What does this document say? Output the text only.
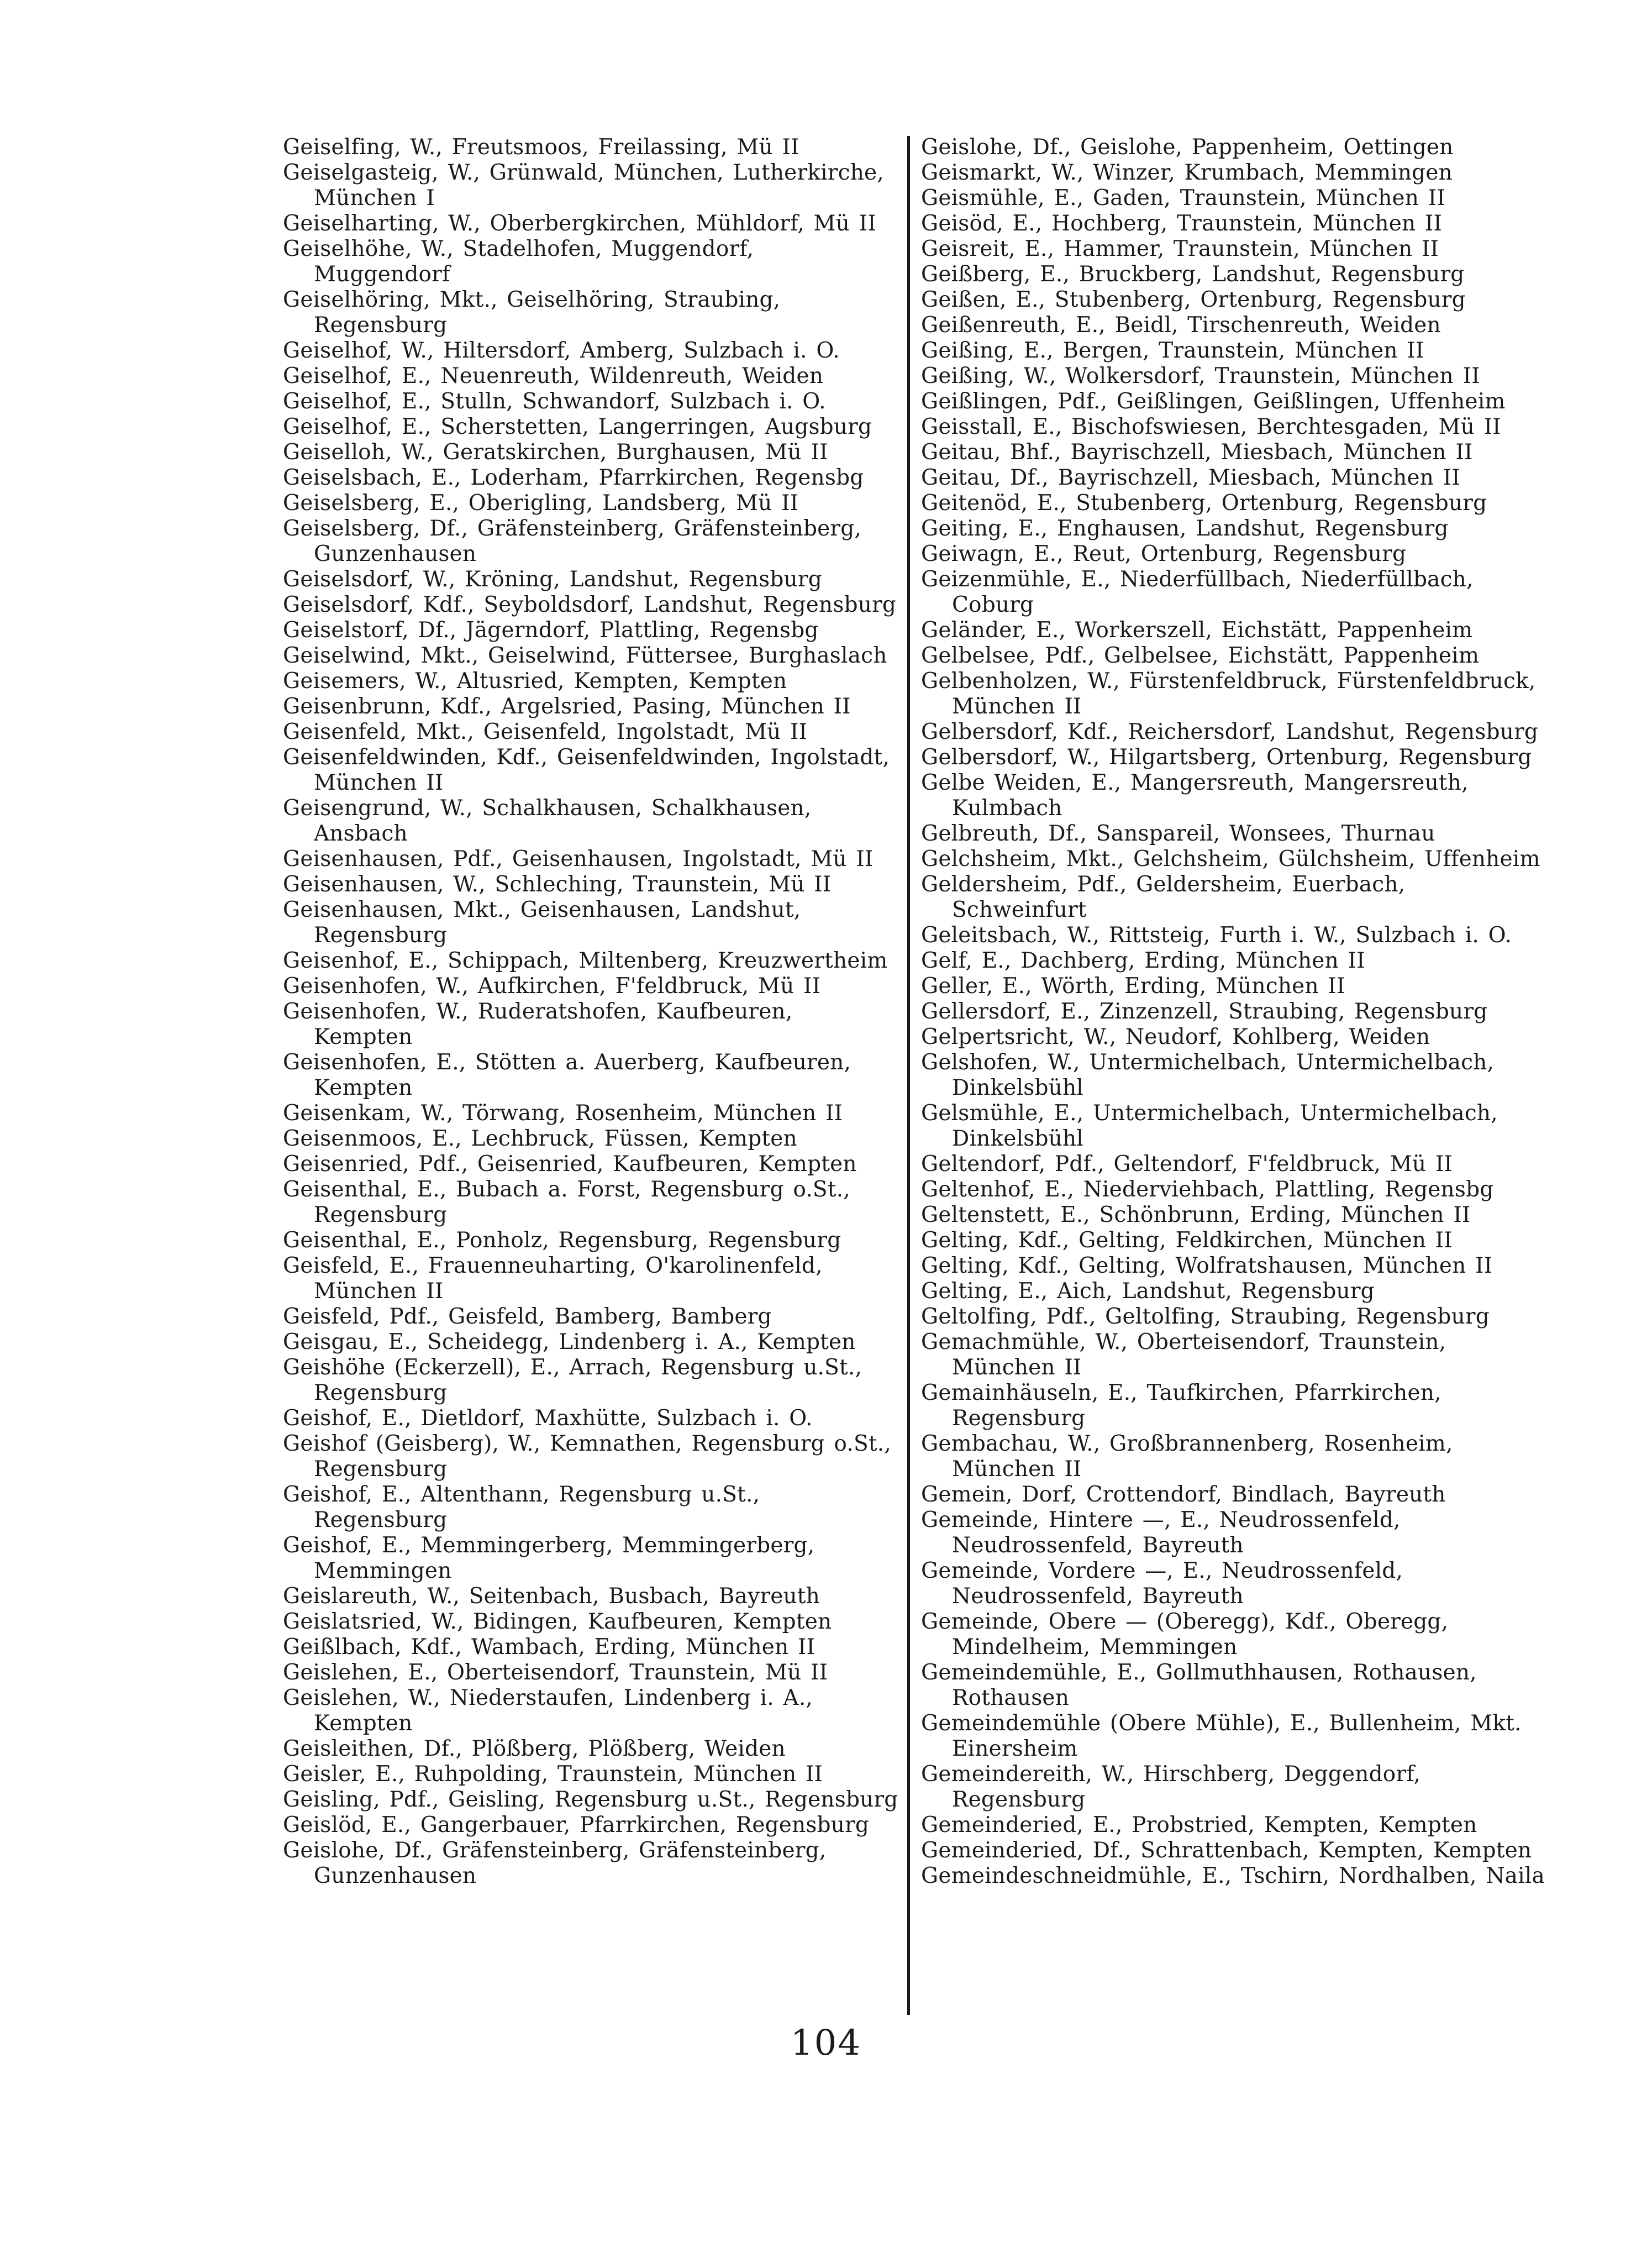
Geiselfing, W., Freutsmoos, Freilassing, Mü II
Geiselgasteig, W., Grünwald, München, Lutherkirche, München I
Geiselharting, W., Oberbergkirchen, Mühldorf, Mü II
Geiselhöhe, W., Stadelhofen, Muggendorf, Muggendorf
Geiselhöring, Mkt., Geiselhöring, Straubing, Regensburg
Geiselhof, W., Hiltersdorf, Amberg, Sulzbach i. O.
Geiselhof, E., Neuenreuth, Wildenreuth, Weiden
Geiselhof, E., Stulln, Schwandorf, Sulzbach i. O.
Geiselhof, E., Scherstetten, Langerringen, Augsburg
Geiselloh, W., Geratskirchen, Burghausen, Mü II
Geiselsbach, E., Loderham, Pfarrkirchen, Regensbg
Geiselsberg, E., Oberigling, Landsberg, Mü II
Geiselsberg, Df., Gräfensteinberg, Gräfensteinberg, Gunzenhausen
Geiselsdorf, W., Kröning, Landshut, Regensburg
Geiselsdorf, Kdf., Seyboldsdorf, Landshut, Regensburg
Geiselstorf, Df., Jägerndorf, Plattling, Regensbg
Geiselwind, Mkt., Geiselwind, Füttersee, Burghaslach
Geisemers, W., Altusried, Kempten, Kempten
Geisenbrunn, Kdf., Argelsried, Pasing, München II
Geisenfeld, Mkt., Geisenfeld, Ingolstadt, Mü II
Geisenfeldwinden, Kdf., Geisenfeldwinden, Ingolstadt, München II
Geisengrund, W., Schalkhausen, Schalkhausen, Ansbach
Geisenhausen, Pdf., Geisenhausen, Ingolstadt, Mü II
Geisenhausen, W., Schleching, Traunstein, Mü II
Geisenhausen, Mkt., Geisenhausen, Landshut, Regensburg
Geisenhof, E., Schippach, Miltenberg, Kreuzwertheim
Geisenhofen, W., Aufkirchen, F'feldbruck, Mü II
Geisenhofen, W., Ruderatshofen, Kaufbeuren, Kempten
Geisenhofen, E., Stötten a. Auerberg, Kaufbeuren, Kempten
Geisenkam, W., Törwang, Rosenheim, München II
Geisenmoos, E., Lechbruck, Füssen, Kempten
Geisenried, Pdf., Geisenried, Kaufbeuren, Kempten
Geisenthal, E., Bubach a. Forst, Regensburg o.St., Regensburg
Geisenthal, E., Ponholz, Regensburg, Regensburg
Geisfeld, E., Frauenneuharting, O'karolinenfeld, München II
Geisfeld, Pdf., Geisfeld, Bamberg, Bamberg
Geisgau, E., Scheidegg, Lindenberg i. A., Kempten
Geishöhe (Eckerzell), E., Arrach, Regensburg u.St., Regensburg
Geishof, E., Dietldorf, Maxhütte, Sulzbach i. O.
Geishof (Geisberg), W., Kemnathen, Regensburg o.St., Regensburg
Geishof, E., Altenthann, Regensburg u.St., Regensburg
Geishof, E., Memmingerberg, Memmingerberg, Memmingen
Geislareuth, W., Seitenbach, Busbach, Bayreuth
Geislatsried, W., Bidingen, Kaufbeuren, Kempten
Geißlbach, Kdf., Wambach, Erding, München II
Geislehen, E., Oberteisendorf, Traunstein, Mü II
Geislehen, W., Niederstaufen, Lindenberg i. A., Kempten
Geisleithen, Df., Plößberg, Plößberg, Weiden
Geisler, E., Ruhpolding, Traunstein, München II
Geisling, Pdf., Geisling, Regensburg u.St., Regensburg
Geislöd, E., Gangerbauer, Pfarrkirchen, Regensburg
Geislohe, Df., Gräfensteinberg, Gräfensteinberg, Gunzenhausen
Geislohe, Df., Geislohe, Pappenheim, Oettingen
Geismarkt, W., Winzer, Krumbach, Memmingen
Geismühle, E., Gaden, Traunstein, München II
Geisöd, E., Hochberg, Traunstein, München II
Geisreit, E., Hammer, Traunstein, München II
Geißberg, E., Bruckberg, Landshut, Regensburg
Geißen, E., Stubenberg, Ortenburg, Regensburg
Geißenreuth, E., Beidl, Tirschenreuth, Weiden
Geißing, E., Bergen, Traunstein, München II
Geißing, W., Wolkersdorf, Traunstein, München II
Geißlingen, Pdf., Geißlingen, Geißlingen, Uffenheim
Geisstall, E., Bischofswiesen, Berchtesgaden, Mü II
Geitau, Bhf., Bayrischzell, Miesbach, München II
Geitau, Df., Bayrischzell, Miesbach, München II
Geitenöd, E., Stubenberg, Ortenburg, Regensburg
Geiting, E., Enghausen, Landshut, Regensburg
Geiwagn, E., Reut, Ortenburg, Regensburg
Geizenmühle, E., Niederfüllbach, Niederfüllbach, Coburg
Geländer, E., Workerszell, Eichstätt, Pappenheim
Gelbelsee, Pdf., Gelbelsee, Eichstätt, Pappenheim
Gelbenholzen, W., Fürstenfeldbruck, Fürstenfeldbruck, München II
Gelbersdorf, Kdf., Reichersdorf, Landshut, Regensburg
Gelbersdorf, W., Hilgartsberg, Ortenburg, Regensburg
Gelbe Weiden, E., Mangersreuth, Mangersreuth, Kulmbach
Gelbreuth, Df., Sanspareil, Wonsees, Thurnau
Gelchsheim, Mkt., Gelchsheim, Gülchsheim, Uffenheim
Geldersheim, Pdf., Geldersheim, Euerbach, Schweinfurt
Geleitsbach, W., Rittsteig, Furth i. W., Sulzbach i. O.
Gelf, E., Dachberg, Erding, München II
Geller, E., Wörth, Erding, München II
Gellersdorf, E., Zinzenzell, Straubing, Regensburg
Gelpertsricht, W., Neudorf, Kohlberg, Weiden
Gelshofen, W., Untermichelbach, Untermichelbach, Dinkelsbühl
Gelsmühle, E., Untermichelbach, Untermichelbach, Dinkelsbühl
Geltendorf, Pdf., Geltendorf, F'feldbruck, Mü II
Geltenhof, E., Niederviehbach, Plattling, Regensbg
Geltenstett, E., Schönbrunn, Erding, München II
Gelting, Kdf., Gelting, Feldkirchen, München II
Gelting, Kdf., Gelting, Wolfratshausen, München II
Gelting, E., Aich, Landshut, Regensburg
Geltolfing, Pdf., Geltolfing, Straubing, Regensburg
Gemachmühle, W., Oberteisendorf, Traunstein, München II
Gemainhäuseln, E., Taufkirchen, Pfarrkirchen, Regensburg
Gembachau, W., Großbrannenberg, Rosenheim, München II
Gemein, Dorf, Crottendorf, Bindlach, Bayreuth
Gemeinde, Hintere —, E., Neudrossenfeld, Neudrossenfeld, Bayreuth
Gemeinde, Vordere —, E., Neudrossenfeld, Neudrossenfeld, Bayreuth
Gemeinde, Obere — (Oberegg), Kdf., Oberegg, Mindelheim, Memmingen
Gemeindemühle, E., Gollmuthhausen, Rothausen, Rothausen
Gemeindemühle (Obere Mühle), E., Bullenheim, Mkt. Einersheim
Gemeindereith, W., Hirschberg, Deggendorf, Regensburg
Gemeinderied, E., Probstried, Kempten, Kempten
Gemeinderied, Df., Schrattenbach, Kempten, Kempten
Gemeindeschneidmühle, E., Tschirn, Nordhalben, Naila
104
